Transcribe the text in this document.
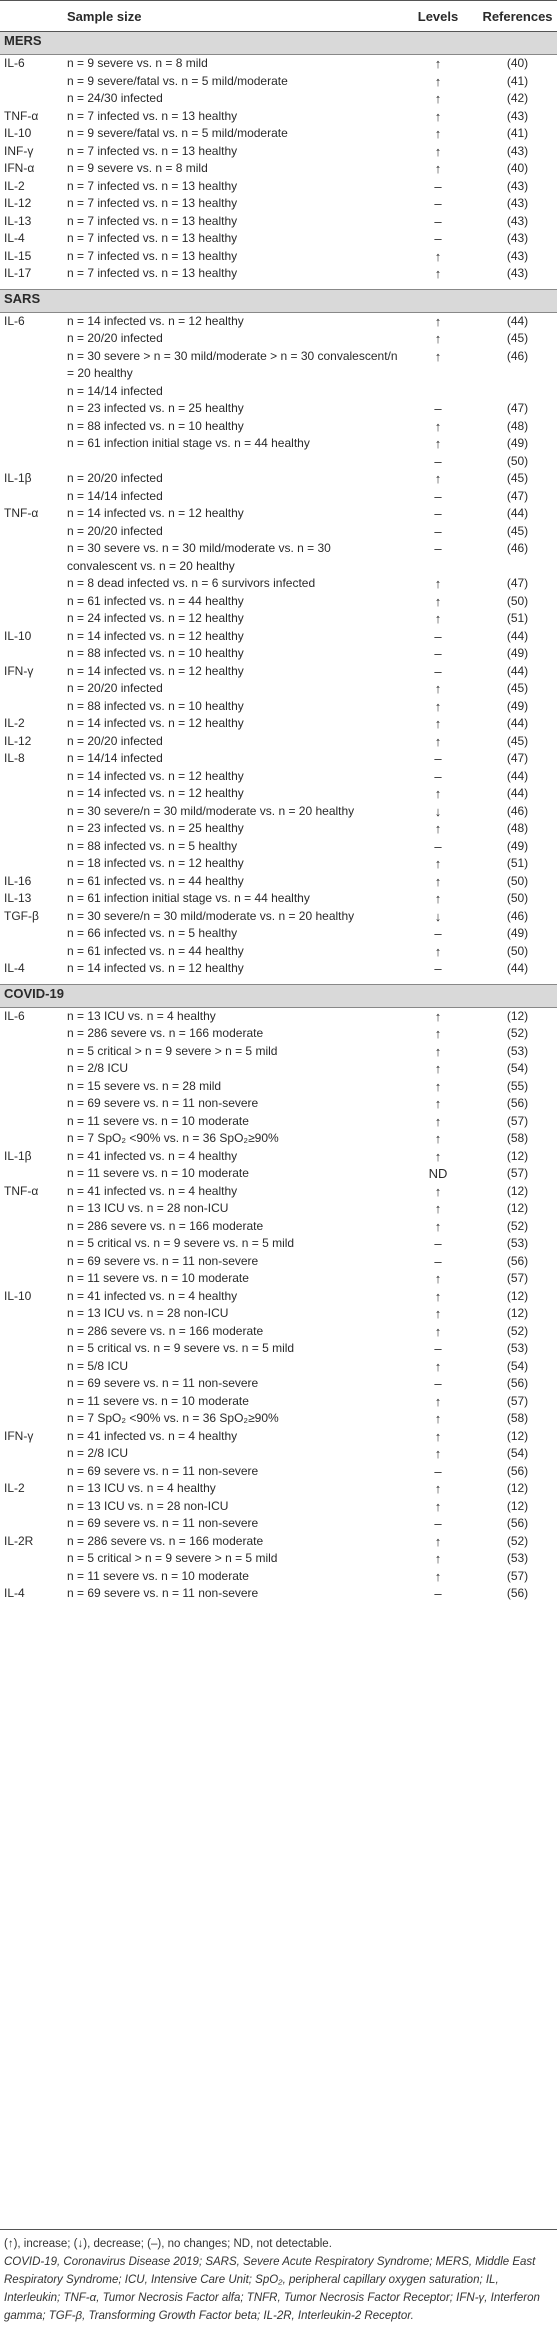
	Sample size	Levels	References
MERS			
IL-6	n = 9 severe vs. n = 8 mild	↑	(40)
	n = 9 severe/fatal vs. n = 5 mild/moderate	↑	(41)
	n = 24/30 infected	↑	(42)
TNF-α	n = 7 infected vs. n = 13 healthy	↑	(43)
IL-10	n = 9 severe/fatal vs. n = 5 mild/moderate	↑	(41)
INF-γ	n = 7 infected vs. n = 13 healthy	↑	(43)
IFN-α	n = 9 severe vs. n = 8 mild	↑	(40)
IL-2	n = 7 infected vs. n = 13 healthy	–	(43)
IL-12	n = 7 infected vs. n = 13 healthy	–	(43)
IL-13	n = 7 infected vs. n = 13 healthy	–	(43)
IL-4	n = 7 infected vs. n = 13 healthy	–	(43)
IL-15	n = 7 infected vs. n = 13 healthy	↑	(43)
IL-17	n = 7 infected vs. n = 13 healthy	↑	(43)

SARS			
IL-6	n = 14 infected vs. n = 12 healthy	↑	(44)
	n = 20/20 infected	↑	(45)
	n = 30 severe > n = 30 mild/moderate > n = 30 convalescent/n = 20 healthy	↑	(46)
	n = 14/14 infected		
	n = 23 infected vs. n = 25 healthy	–	(47)
	n = 88 infected vs. n = 10 healthy	↑	(48)
	n = 61 infection initial stage vs. n = 44 healthy	↑	(49)
		–	(50)
IL-1β	n = 20/20 infected	↑	(45)
	n = 14/14 infected	–	(47)
TNF-α	n = 14 infected vs. n = 12 healthy	–	(44)
	n = 20/20 infected	–	(45)
	n = 30 severe vs. n = 30 mild/moderate vs. n = 30 convalescent vs. n = 20 healthy	–	(46)
	n = 8 dead infected vs. n = 6 survivors infected	↑	(47)
	n = 61 infected vs. n = 44 healthy	↑	(50)
	n = 24 infected vs. n = 12 healthy	↑	(51)
IL-10	n = 14 infected vs. n = 12 healthy	–	(44)
	n = 88 infected vs. n = 10 healthy	–	(49)
IFN-γ	n = 14 infected vs. n = 12 healthy	–	(44)
	n = 20/20 infected	↑	(45)
	n = 88 infected vs. n = 10 healthy	↑	(49)
IL-2	n = 14 infected vs. n = 12 healthy	↑	(44)
IL-12	n = 20/20 infected	↑	(45)
IL-8	n = 14/14 infected	–	(47)
	n = 14 infected vs. n = 12 healthy	–	(44)
	n = 14 infected vs. n = 12 healthy	↑	(44)
	n = 30 severe/n = 30 mild/moderate vs. n = 20 healthy	↓	(46)
	n = 23 infected vs. n = 25 healthy	↑	(48)
	n = 88 infected vs. n = 5 healthy	–	(49)
	n = 18 infected vs. n = 12 healthy	↑	(51)
IL-16	n = 61 infected vs. n = 44 healthy	↑	(50)
IL-13	n = 61 infection initial stage vs. n = 44 healthy	↑	(50)
TGF-β	n = 30 severe/n = 30 mild/moderate vs. n = 20 healthy	↓	(46)
	n = 66 infected vs. n = 5 healthy	–	(49)
	n = 61 infected vs. n = 44 healthy	↑	(50)
IL-4	n = 14 infected vs. n = 12 healthy	–	(44)

COVID-19			
IL-6	n = 13 ICU vs. n = 4 healthy	↑	(12)
	n = 286 severe vs. n = 166 moderate	↑	(52)
	n = 5 critical > n = 9 severe > n = 5 mild	↑	(53)
	n = 2/8 ICU	↑	(54)
	n = 15 severe vs. n = 28 mild	↑	(55)
	n = 69 severe vs. n = 11 non-severe	↑	(56)
	n = 11 severe vs. n = 10 moderate	↑	(57)
	n = 7 SpO₂ <90% vs. n = 36 SpO₂≥90%	↑	(58)
IL-1β	n = 41 infected vs. n = 4 healthy	↑	(12)
	n = 11 severe vs. n = 10 moderate	ND	(57)
TNF-α	n = 41 infected vs. n = 4 healthy	↑	(12)
	n = 13 ICU vs. n = 28 non-ICU	↑	(12)
	n = 286 severe vs. n = 166 moderate	↑	(52)
	n = 5 critical vs. n = 9 severe vs. n = 5 mild	–	(53)
	n = 69 severe vs. n = 11 non-severe	–	(56)
	n = 11 severe vs. n = 10 moderate	↑	(57)
IL-10	n = 41 infected vs. n = 4 healthy	↑	(12)
	n = 13 ICU vs. n = 28 non-ICU	↑	(12)
	n = 286 severe vs. n = 166 moderate	↑	(52)
	n = 5 critical vs. n = 9 severe vs. n = 5 mild	–	(53)
	n = 5/8 ICU	↑	(54)
	n = 69 severe vs. n = 11 non-severe	–	(56)
	n = 11 severe vs. n = 10 moderate	↑	(57)
	n = 7 SpO₂ <90% vs. n = 36 SpO₂≥90%	↑	(58)
IFN-γ	n = 41 infected vs. n = 4 healthy	↑	(12)
	n = 2/8 ICU	↑	(54)
	n = 69 severe vs. n = 11 non-severe	–	(56)
IL-2	n = 13 ICU vs. n = 4 healthy	↑	(12)
	n = 13 ICU vs. n = 28 non-ICU	↑	(12)
	n = 69 severe vs. n = 11 non-severe	–	(56)
IL-2R	n = 286 severe vs. n = 166 moderate	↑	(52)
	n = 5 critical > n = 9 severe > n = 5 mild	↑	(53)
	n = 11 severe vs. n = 10 moderate	↑	(57)
IL-4	n = 69 severe vs. n = 11 non-severe	–	(56)

(↑), increase; (↓), decrease; (–), no changes; ND, not detectable.
COVID-19, Coronavirus Disease 2019; SARS, Severe Acute Respiratory Syndrome; MERS, Middle East Respiratory Syndrome; ICU, Intensive Care Unit; SpO₂, peripheral capillary oxygen saturation; IL, Interleukin; TNF-α, Tumor Necrosis Factor alfa; TNFR, Tumor Necrosis Factor Receptor; IFN-γ, Interferon gamma; TGF-β, Transforming Growth Factor beta; IL-2R, Interleukin-2 Receptor.
